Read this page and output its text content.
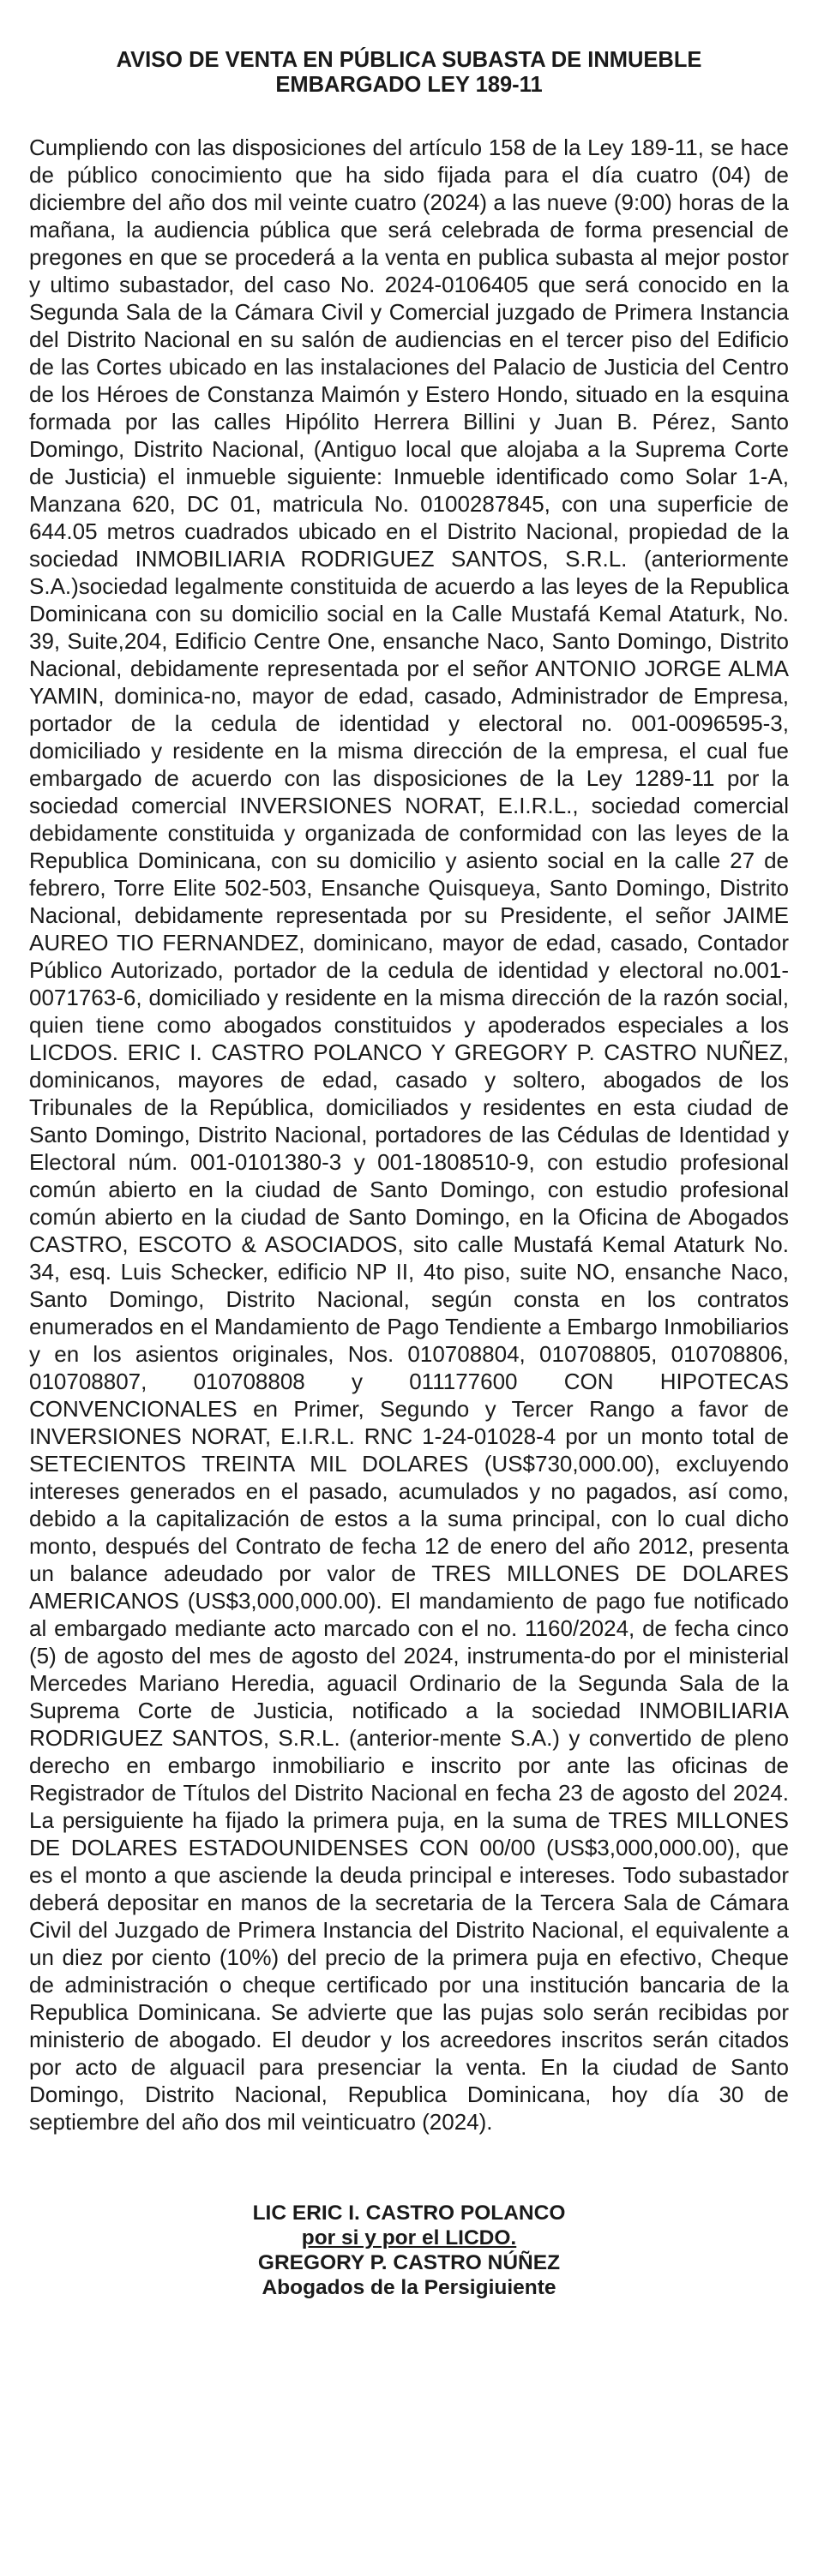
AVISO DE VENTA EN PÚBLICA SUBASTA DE INMUEBLE
EMBARGADO LEY 189-11

Cumpliendo con las disposiciones del artículo 158 de la Ley 189-11, se hace de público conocimiento que ha sido fijada para el día cuatro (04) de diciembre del año dos mil veinte cuatro (2024) a las nueve (9:00) horas de la mañana, la audiencia pública que será celebrada de forma presencial de pregones en que se procederá a la venta en publica subasta al mejor postor y ultimo subastador, del caso No. 2024-0106405 que será conocido en la Segunda Sala de la Cámara Civil y Comercial juzgado de Primera Instancia del Distrito Nacional en su salón de audiencias en el tercer piso del Edificio de las Cortes ubicado en las instalaciones del Palacio de Justicia del Centro de los Héroes de Constanza Maimón y Estero Hondo, situado en la esquina formada por las calles Hipólito Herrera Billini y Juan B. Pérez, Santo Domingo, Distrito Nacional, (Antiguo local que alojaba a la Suprema Corte de Justicia) el inmueble siguiente: Inmueble identificado como Solar 1-A, Manzana 620, DC 01, matricula No. 0100287845, con una superficie de 644.05 metros cuadrados ubicado en el Distrito Nacional, propiedad de la sociedad INMOBILIARIA RODRIGUEZ SANTOS, S.R.L. (anteriormente S.A.)sociedad legalmente constituida de acuerdo a las leyes de la Republica Dominicana con su domicilio social en la Calle Mustafá Kemal Ataturk, No. 39, Suite,204, Edificio Centre One, ensanche Naco, Santo Domingo, Distrito Nacional, debidamente representada por el señor ANTONIO JORGE ALMA YAMIN, dominica-no, mayor de edad, casado, Administrador de Empresa, portador de la cedula de identidad y electoral no. 001-0096595-3, domiciliado y residente en la misma dirección de la empresa, el cual fue embargado de acuerdo con las disposiciones de la Ley 1289-11 por la sociedad comercial INVERSIONES NORAT, E.I.R.L., sociedad comercial debidamente constituida y organizada de conformidad con las leyes de la Republica Dominicana, con su domicilio y asiento social en la calle 27 de febrero, Torre Elite 502-503, Ensanche Quisqueya, Santo Domingo, Distrito Nacional, debidamente representada por su Presidente, el señor JAIME AUREO TIO FERNANDEZ, dominicano, mayor de edad, casado, Contador Público Autorizado, portador de la cedula de identidad y electoral no.001-0071763-6, domiciliado y residente en la misma dirección de la razón social, quien tiene como abogados constituidos y apoderados especiales a los LICDOS. ERIC I. CASTRO POLANCO Y GREGORY P. CASTRO NUÑEZ, dominicanos, mayores de edad, casado y soltero, abogados de los Tribunales de la República, domiciliados y residentes en esta ciudad de Santo Domingo, Distrito Nacional, portadores de las Cédulas de Identidad y Electoral núm. 001-0101380-3 y 001-1808510-9, con estudio profesional común abierto en la ciudad de Santo Domingo, con estudio profesional común abierto en la ciudad de Santo Domingo, en la Oficina de Abogados CASTRO, ESCOTO & ASOCIADOS, sito calle Mustafá Kemal Ataturk No. 34, esq. Luis Schecker, edificio NP II, 4to piso, suite NO, ensanche Naco, Santo Domingo, Distrito Nacional, según consta en los contratos enumerados en el Mandamiento de Pago Tendiente a Embargo Inmobiliarios y en los asientos originales, Nos. 010708804, 010708805, 010708806, 010708807, 010708808 y 011177600 CON HIPOTECAS CONVENCIONALES en Primer, Segundo y Tercer Rango a favor de INVERSIONES NORAT, E.I.R.L. RNC 1-24-01028-4 por un monto total de SETECIENTOS TREINTA MIL DOLARES (US$730,000.00), excluyendo intereses generados en el pasado, acumulados y no pagados, así como, debido a la capitalización de estos a la suma principal, con lo cual dicho monto, después del Contrato de fecha 12 de enero del año 2012, presenta un balance adeudado por valor de TRES MILLONES DE DOLARES AMERICANOS (US$3,000,000.00). El mandamiento de pago fue notificado al embargado mediante acto marcado con el no. 1160/2024, de fecha cinco (5) de agosto del mes de agosto del 2024, instrumenta-do por el ministerial Mercedes Mariano Heredia, aguacil Ordinario de la Segunda Sala de la Suprema Corte de Justicia, notificado a la sociedad INMOBILIARIA RODRIGUEZ SANTOS, S.R.L. (anterior-mente S.A.) y convertido de pleno derecho en embargo inmobiliario e inscrito por ante las oficinas de Registrador de Títulos del Distrito Nacional en fecha 23 de agosto del 2024. La persiguiente ha fijado la primera puja, en la suma de TRES MILLONES DE DOLARES ESTADOUNIDENSES CON 00/00 (US$3,000,000.00), que es el monto a que asciende la deuda principal e intereses. Todo subastador deberá depositar en manos de la secretaria de la Tercera Sala de Cámara Civil del Juzgado de Primera Instancia del Distrito Nacional, el equivalente a un diez por ciento (10%) del precio de la primera puja en efectivo, Cheque de administración o cheque certificado por una institución bancaria de la Republica Dominicana. Se advierte que las pujas solo serán recibidas por ministerio de abogado. El deudor y los acreedores inscritos serán citados por acto de alguacil para presenciar la venta. En la ciudad de Santo Domingo, Distrito Nacional, Republica Dominicana, hoy día 30 de septiembre del año dos mil veinticuatro (2024).

LIC ERIC I. CASTRO POLANCO

por si y por el LICDO.

GREGORY P. CASTRO NÚÑEZ

Abogados de la Persigiuiente
